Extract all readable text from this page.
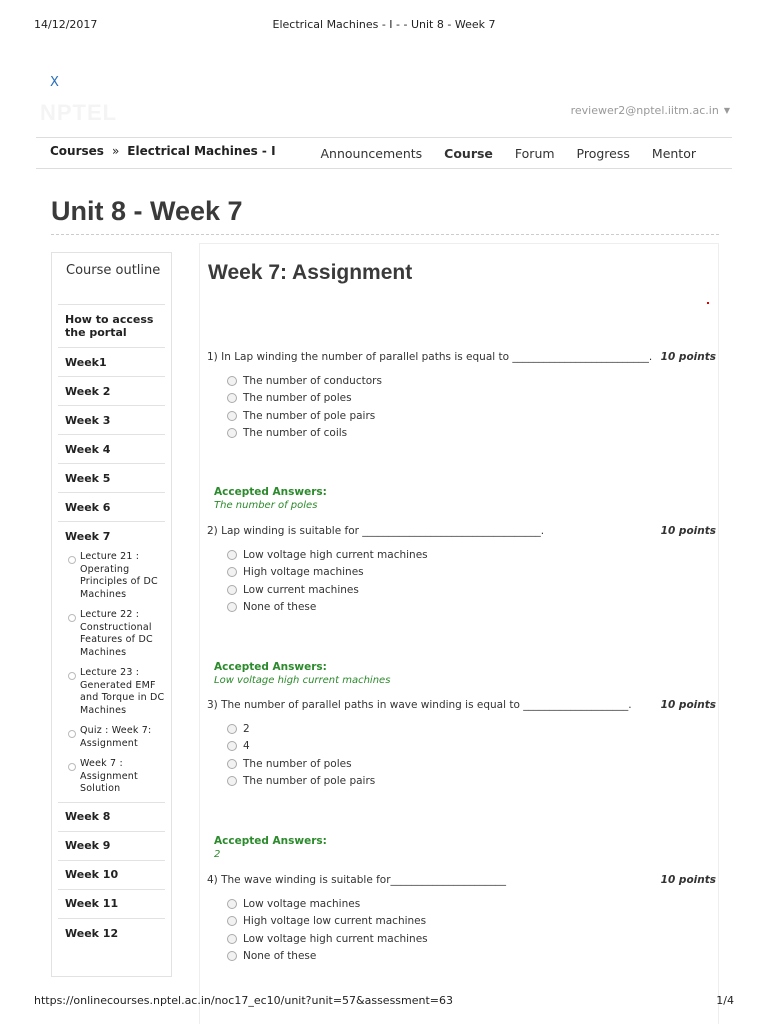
14/12/2017	Electrical Machines - I - - Unit 8 - Week 7
X
NPTEL	reviewer2@nptel.iitm.ac.in ▼
Courses » Electrical Machines - I	Announcements Course Forum Progress Mentor
Unit 8 - Week 7
Course outline
How to access the portal
Week1
Week 2
Week 3
Week 4
Week 5
Week 6
Week 7
Lecture 21 : Operating Principles of DC Machines
Lecture 22 : Constructional Features of DC Machines
Lecture 23 : Generated EMF and Torque in DC Machines
Quiz : Week 7: Assignment
Week 7 : Assignment Solution
Week 8
Week 9
Week 10
Week 11
Week 12
Week 7: Assignment
1) In Lap winding the number of parallel paths is equal to __________________________. 10 points
The number of conductors
The number of poles
The number of pole pairs
The number of coils
Accepted Answers:
The number of poles
2) Lap winding is suitable for __________________________________.	10 points
Low voltage high current machines
High voltage machines
Low current machines
None of these
Accepted Answers:
Low voltage high current machines
3) The number of parallel paths in wave winding is equal to ____________________.	10 points
2
4
The number of poles
The number of pole pairs
Accepted Answers:
2
4) The wave winding is suitable for______________________	10 points
Low voltage machines
High voltage low current machines
Low voltage high current machines
None of these
https://onlinecourses.nptel.ac.in/noc17_ec10/unit?unit=57&assessment=63	1/4
